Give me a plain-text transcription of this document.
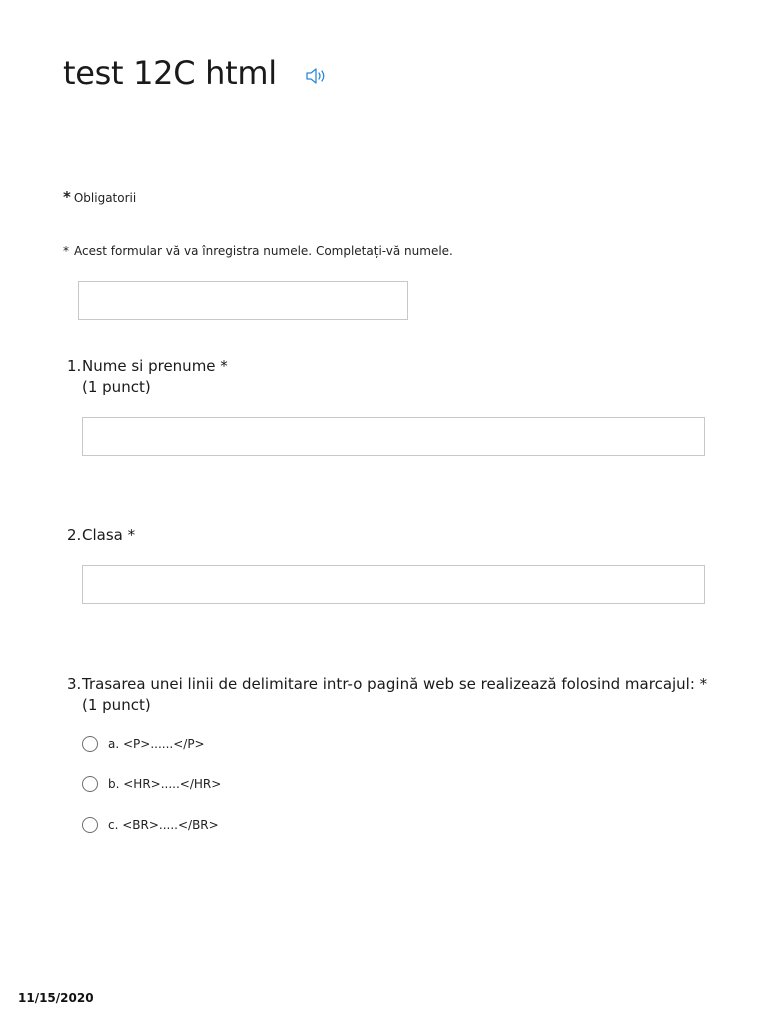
test 12C html
* Obligatorii
* Acest formular vă va înregistra numele. Completați-vă numele.
1.Nume si prenume *
(1 punct)
2.Clasa *
3.Trasarea unei linii de delimitare intr-o pagină web se realizează folosind marcajul: *
(1 punct)
a. <P>......</P>
b. <HR>.....</HR>
c. <BR>.....</BR>
11/15/2020
